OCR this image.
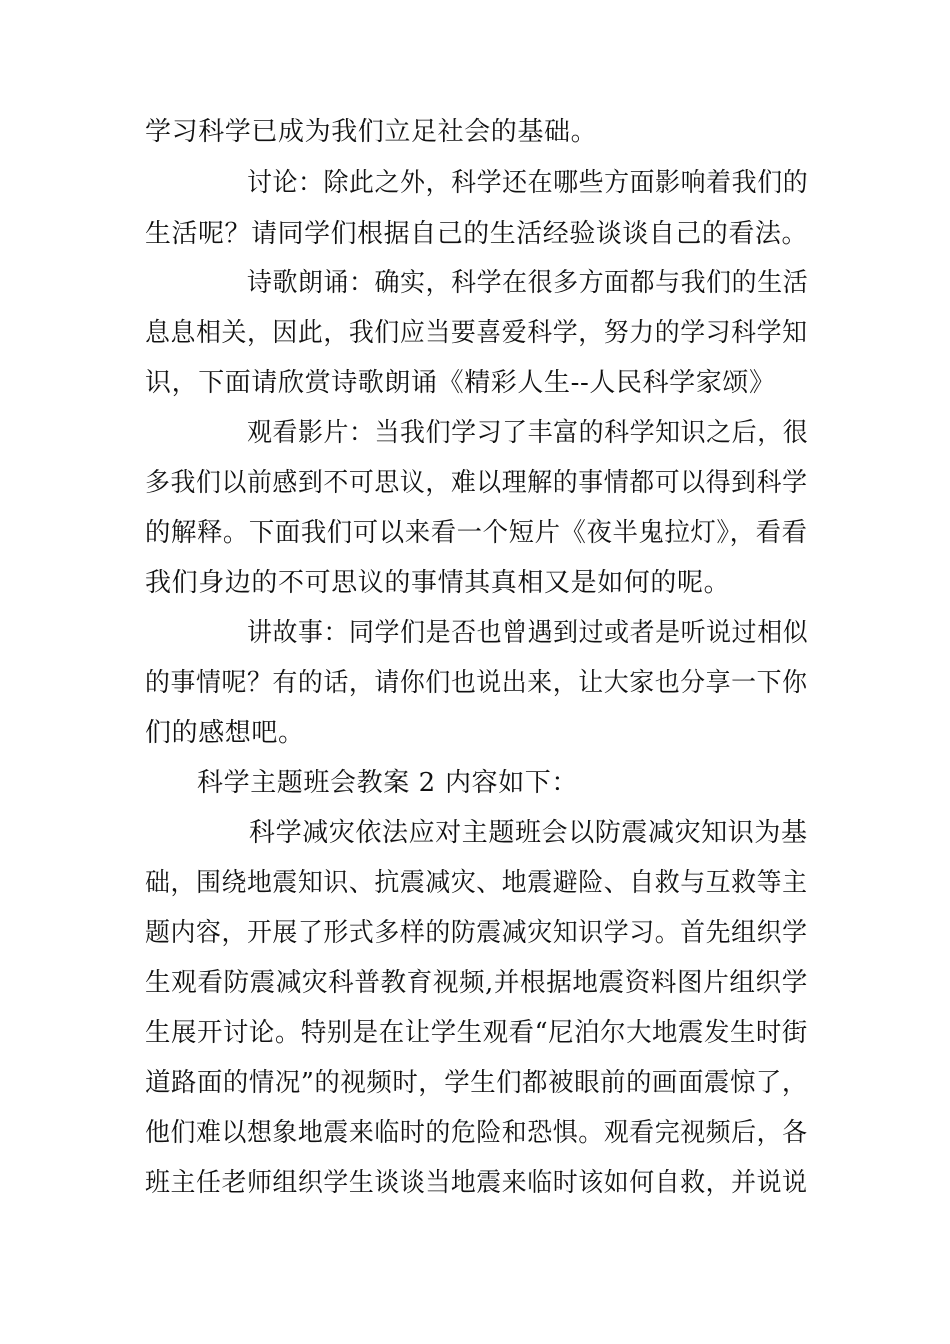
学习科学已成为我们立足社会的基础。
讨论：除此之外，科学还在哪些方面影响着我们的
生活呢？请同学们根据自己的生活经验谈谈自己的看法。
诗歌朗诵：确实，科学在很多方面都与我们的生活
息息相关，因此，我们应当要喜爱科学，努力的学习科学知
识，下面请欣赏诗歌朗诵《精彩人生--人民科学家颂》
观看影片：当我们学习了丰富的科学知识之后，很
多我们以前感到不可思议，难以理解的事情都可以得到科学
的解释。下面我们可以来看一个短片《夜半鬼拉灯》，看看
我们身边的不可思议的事情其真相又是如何的呢。
讲故事：同学们是否也曾遇到过或者是听说过相似
的事情呢？有的话，请你们也说出来，让大家也分享一下你
们的感想吧。
科学主题班会教案 2 内容如下：
科学减灾依法应对主题班会以防震减灾知识为基
础，围绕地震知识、抗震减灾、地震避险、自救与互救等主
题内容，开展了形式多样的防震减灾知识学习。首先组织学
生观看防震减灾科普教育视频,并根据地震资料图片组织学
生展开讨论。特别是在让学生观看“尼泊尔大地震发生时街
道路面的情况”的视频时，学生们都被眼前的画面震惊了，
他们难以想象地震来临时的危险和恐惧。观看完视频后，各
班主任老师组织学生谈谈当地震来临时该如何自救，并说说
